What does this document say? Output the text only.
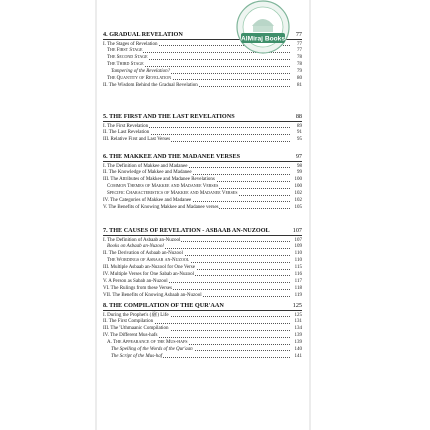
4. GRADUAL REVELATION	77
I. The Stages of Revelation	77
The First Stage	77
The Second Stage	78
The Third Stage	78
Tampering of the Revelation?	79
The Quantity of Revelation	80
II. The Wisdom Behind the Gradual Revelation	81
5. THE FIRST AND THE LAST REVELATIONS	88
I. The First Revelation	89
II. The Last Revelation	91
III. Relative First and Last Verses	95
6. THE MAKKEE AND THE MADANEE VERSES	97
I. The Definition of Makkee and Madanee	98
II. The Knowledge of Makkee and Madanee	99
III. The Attributes of Makkee and Madanee Revelations	100
Common Themes of Makkee and Madanee Verses	100
Specific Characteristics of Makkee and Madanee Verses	102
IV. The Categories of Makkee and Madanee	102
V. The Benefits of Knowing Makkee and Madanee verses	105
7. THE CAUSES OF REVELATION - ASBAAB AN-NUZOOL	107
I. The Definition of Asbaab an-Nuzool	107
Books on Asbaab an-Nuzool	109
II. The Derivation of Asbaab an-Nuzool	110
The Wordings of Asbaab an-Nuzool	110
III. Multiple Asbaab an-Nuzool for One Verse	115
IV. Multiple Verses for One Sabab an-Nuzool	116
V. A Person as Sabab an-Nuzool	117
VI. The Rulings from these Verses	118
VII. The Benefits of Knowing Asbaab an-Nuzool	119
8. THE COMPILATION OF THE QUR'AAN	125
I. During the Prophet's (ﷺ) Life	125
II. The First Compilation	131
III. The 'Uthmaanic Compilation	134
IV. The Different Mus-hafs	139
A. The Appearance of the Mus-hafs	139
The Spelling of the Words of the Qur'aan	140
The Script of the Mus-haf	141
AlMiraj Books
